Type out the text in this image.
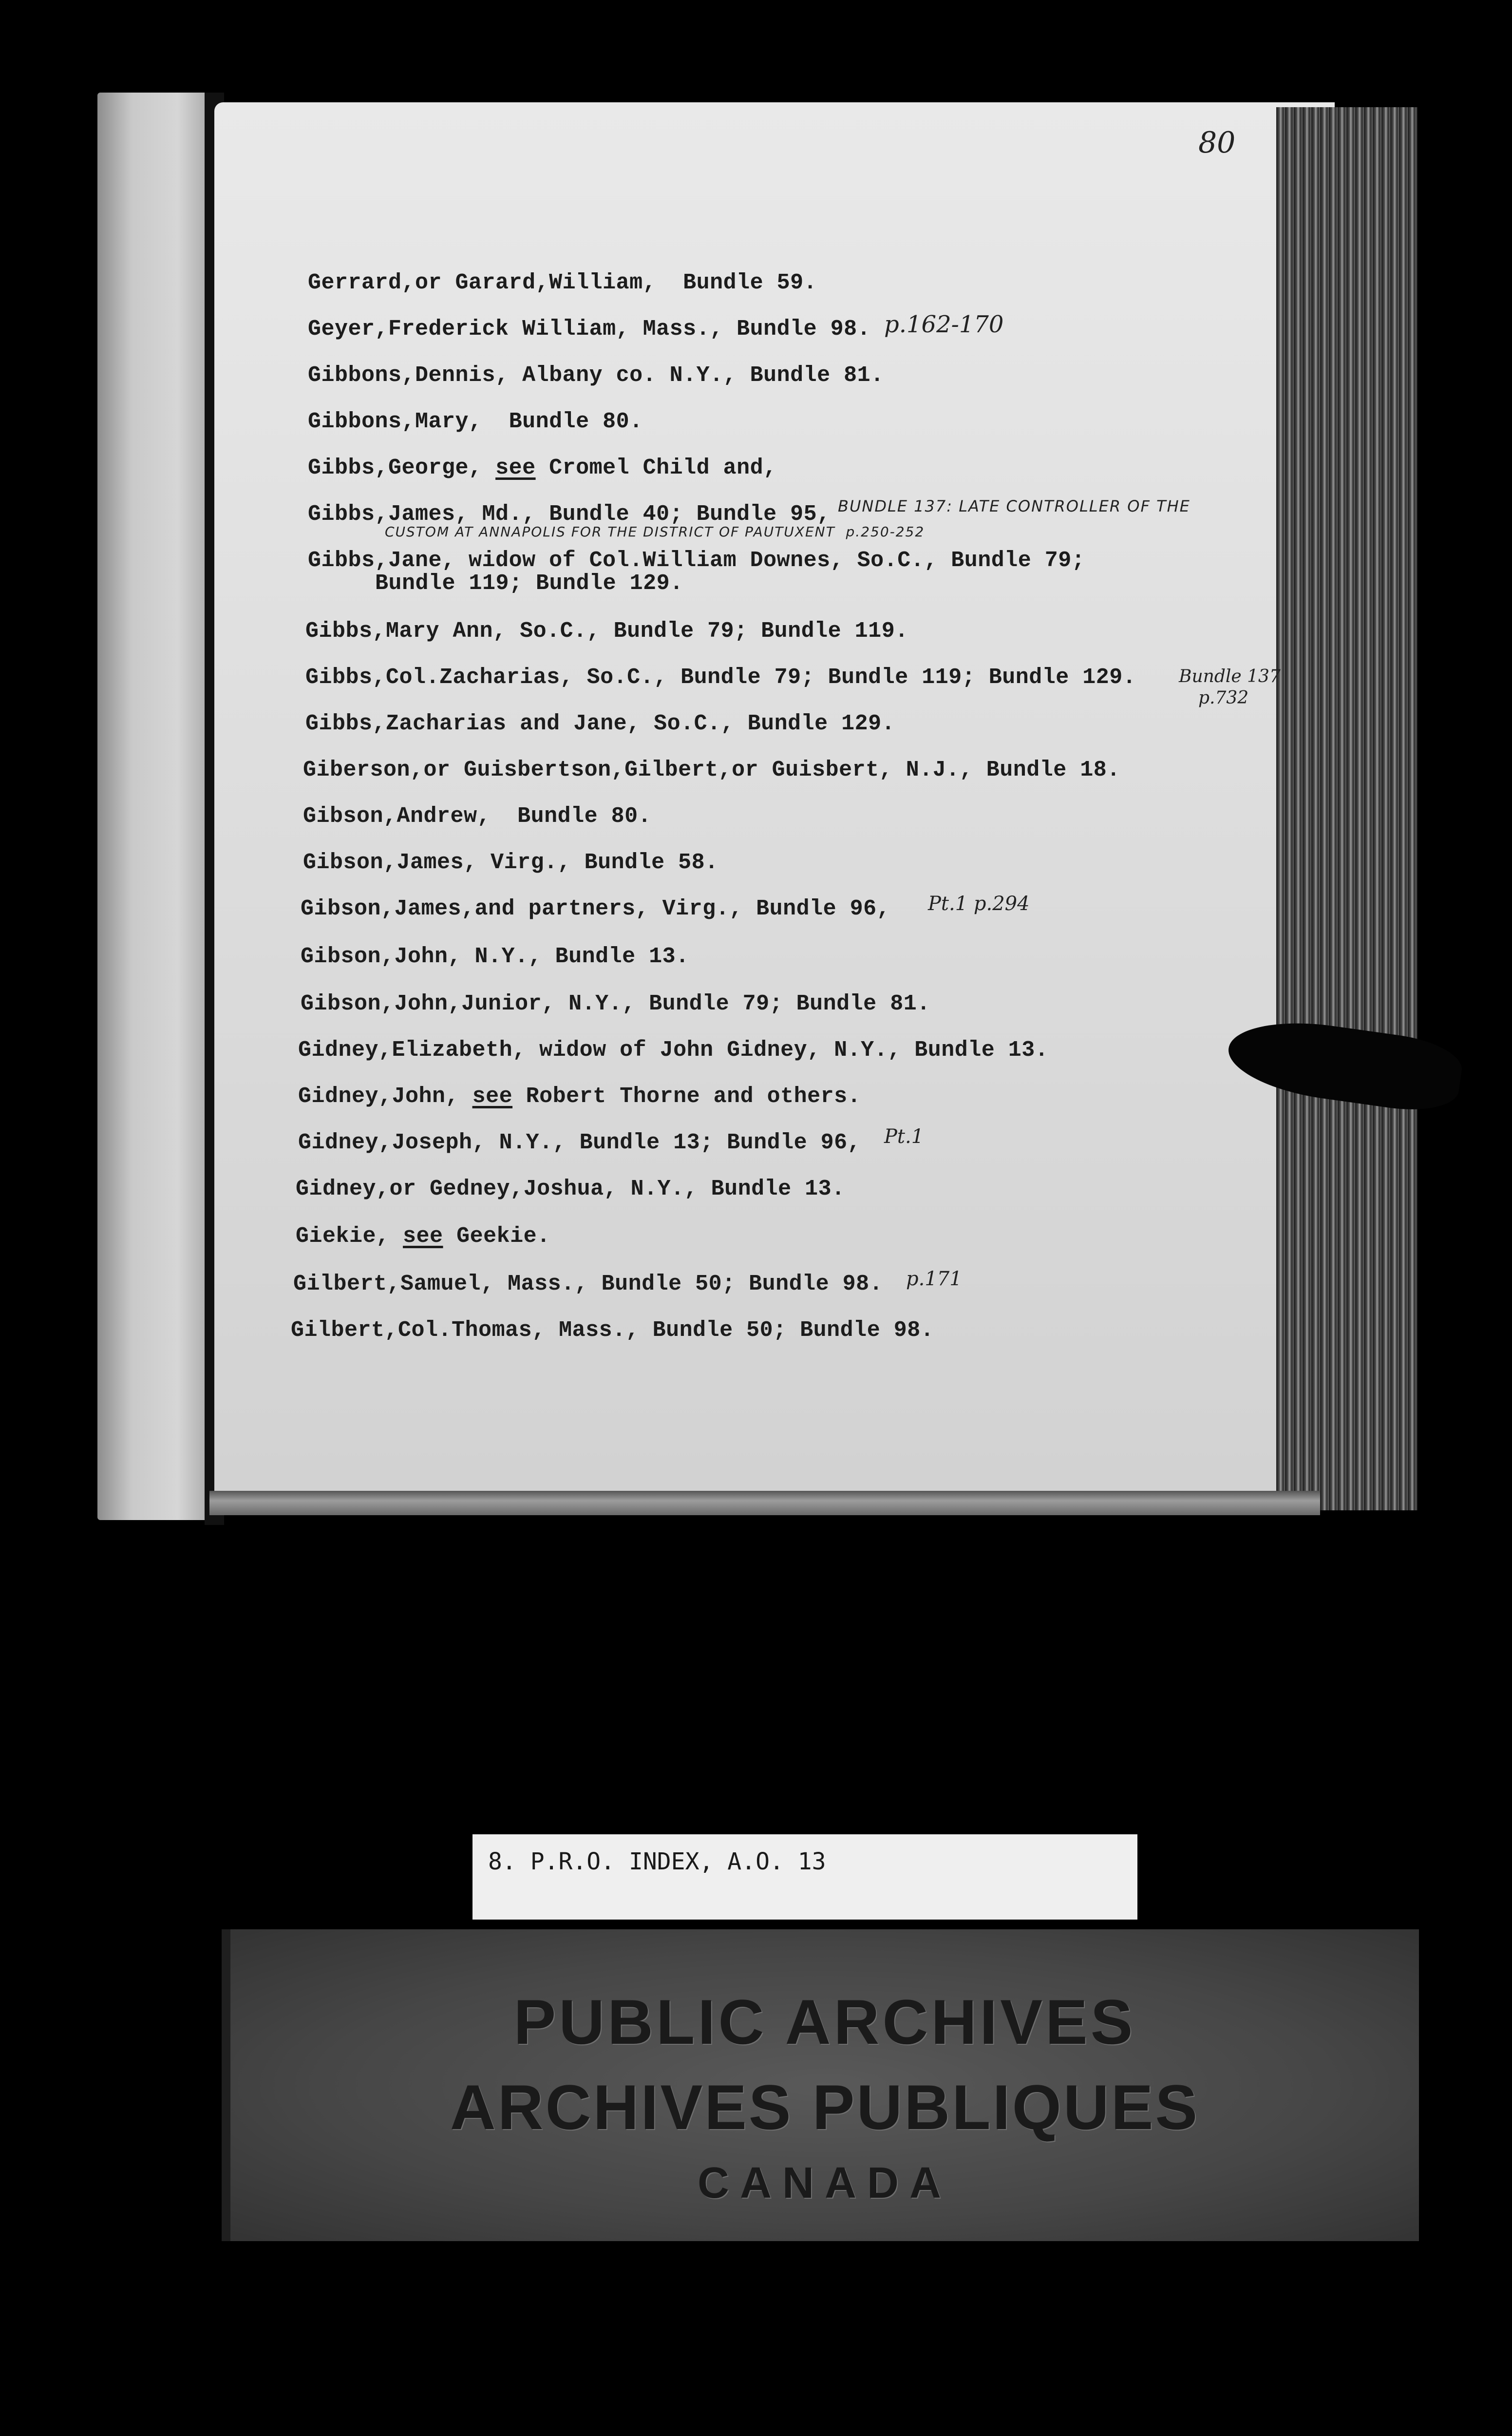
80
Gerrard,or Garard,William,  Bundle 59.
Geyer,Frederick William, Mass., Bundle 98. p.162-170
Gibbons,Dennis, Albany co. N.Y., Bundle 81.
Gibbons,Mary,  Bundle 80.
Gibbs,George, see Cromel Child and,
Gibbs,James, Md., Bundle 40; Bundle 95, BUNDLE 137: LATE CONTROLLER OF THE
CUSTOM AT ANNAPOLIS FOR THE DISTRICT OF PAUTUXENT  p.250-252
Gibbs,Jane, widow of Col.William Downes, So.C., Bundle 79;
Bundle 119; Bundle 129.
Gibbs,Mary Ann, So.C., Bundle 79; Bundle 119.
Gibbs,Col.Zacharias, So.C., Bundle 79; Bundle 119; Bundle 129. Bundle 137
p.732
Gibbs,Zacharias and Jane, So.C., Bundle 129.
Giberson,or Guisbertson,Gilbert,or Guisbert, N.J., Bundle 18.
Gibson,Andrew,  Bundle 80.
Gibson,James, Virg., Bundle 58.
Gibson,James,and partners, Virg., Bundle 96, Pt.1 p.294
Gibson,John, N.Y., Bundle 13.
Gibson,John,Junior, N.Y., Bundle 79; Bundle 81.
Gidney,Elizabeth, widow of John Gidney, N.Y., Bundle 13.
Gidney,John, see Robert Thorne and others.
Gidney,Joseph, N.Y., Bundle 13; Bundle 96, Pt.1
Gidney,or Gedney,Joshua, N.Y., Bundle 13.
Giekie, see Geekie.
Gilbert,Samuel, Mass., Bundle 50; Bundle 98. p.171
Gilbert,Col.Thomas, Mass., Bundle 50; Bundle 98.
8. P.R.O. INDEX, A.O. 13
PUBLIC ARCHIVES
ARCHIVES PUBLIQUES
CANADA
